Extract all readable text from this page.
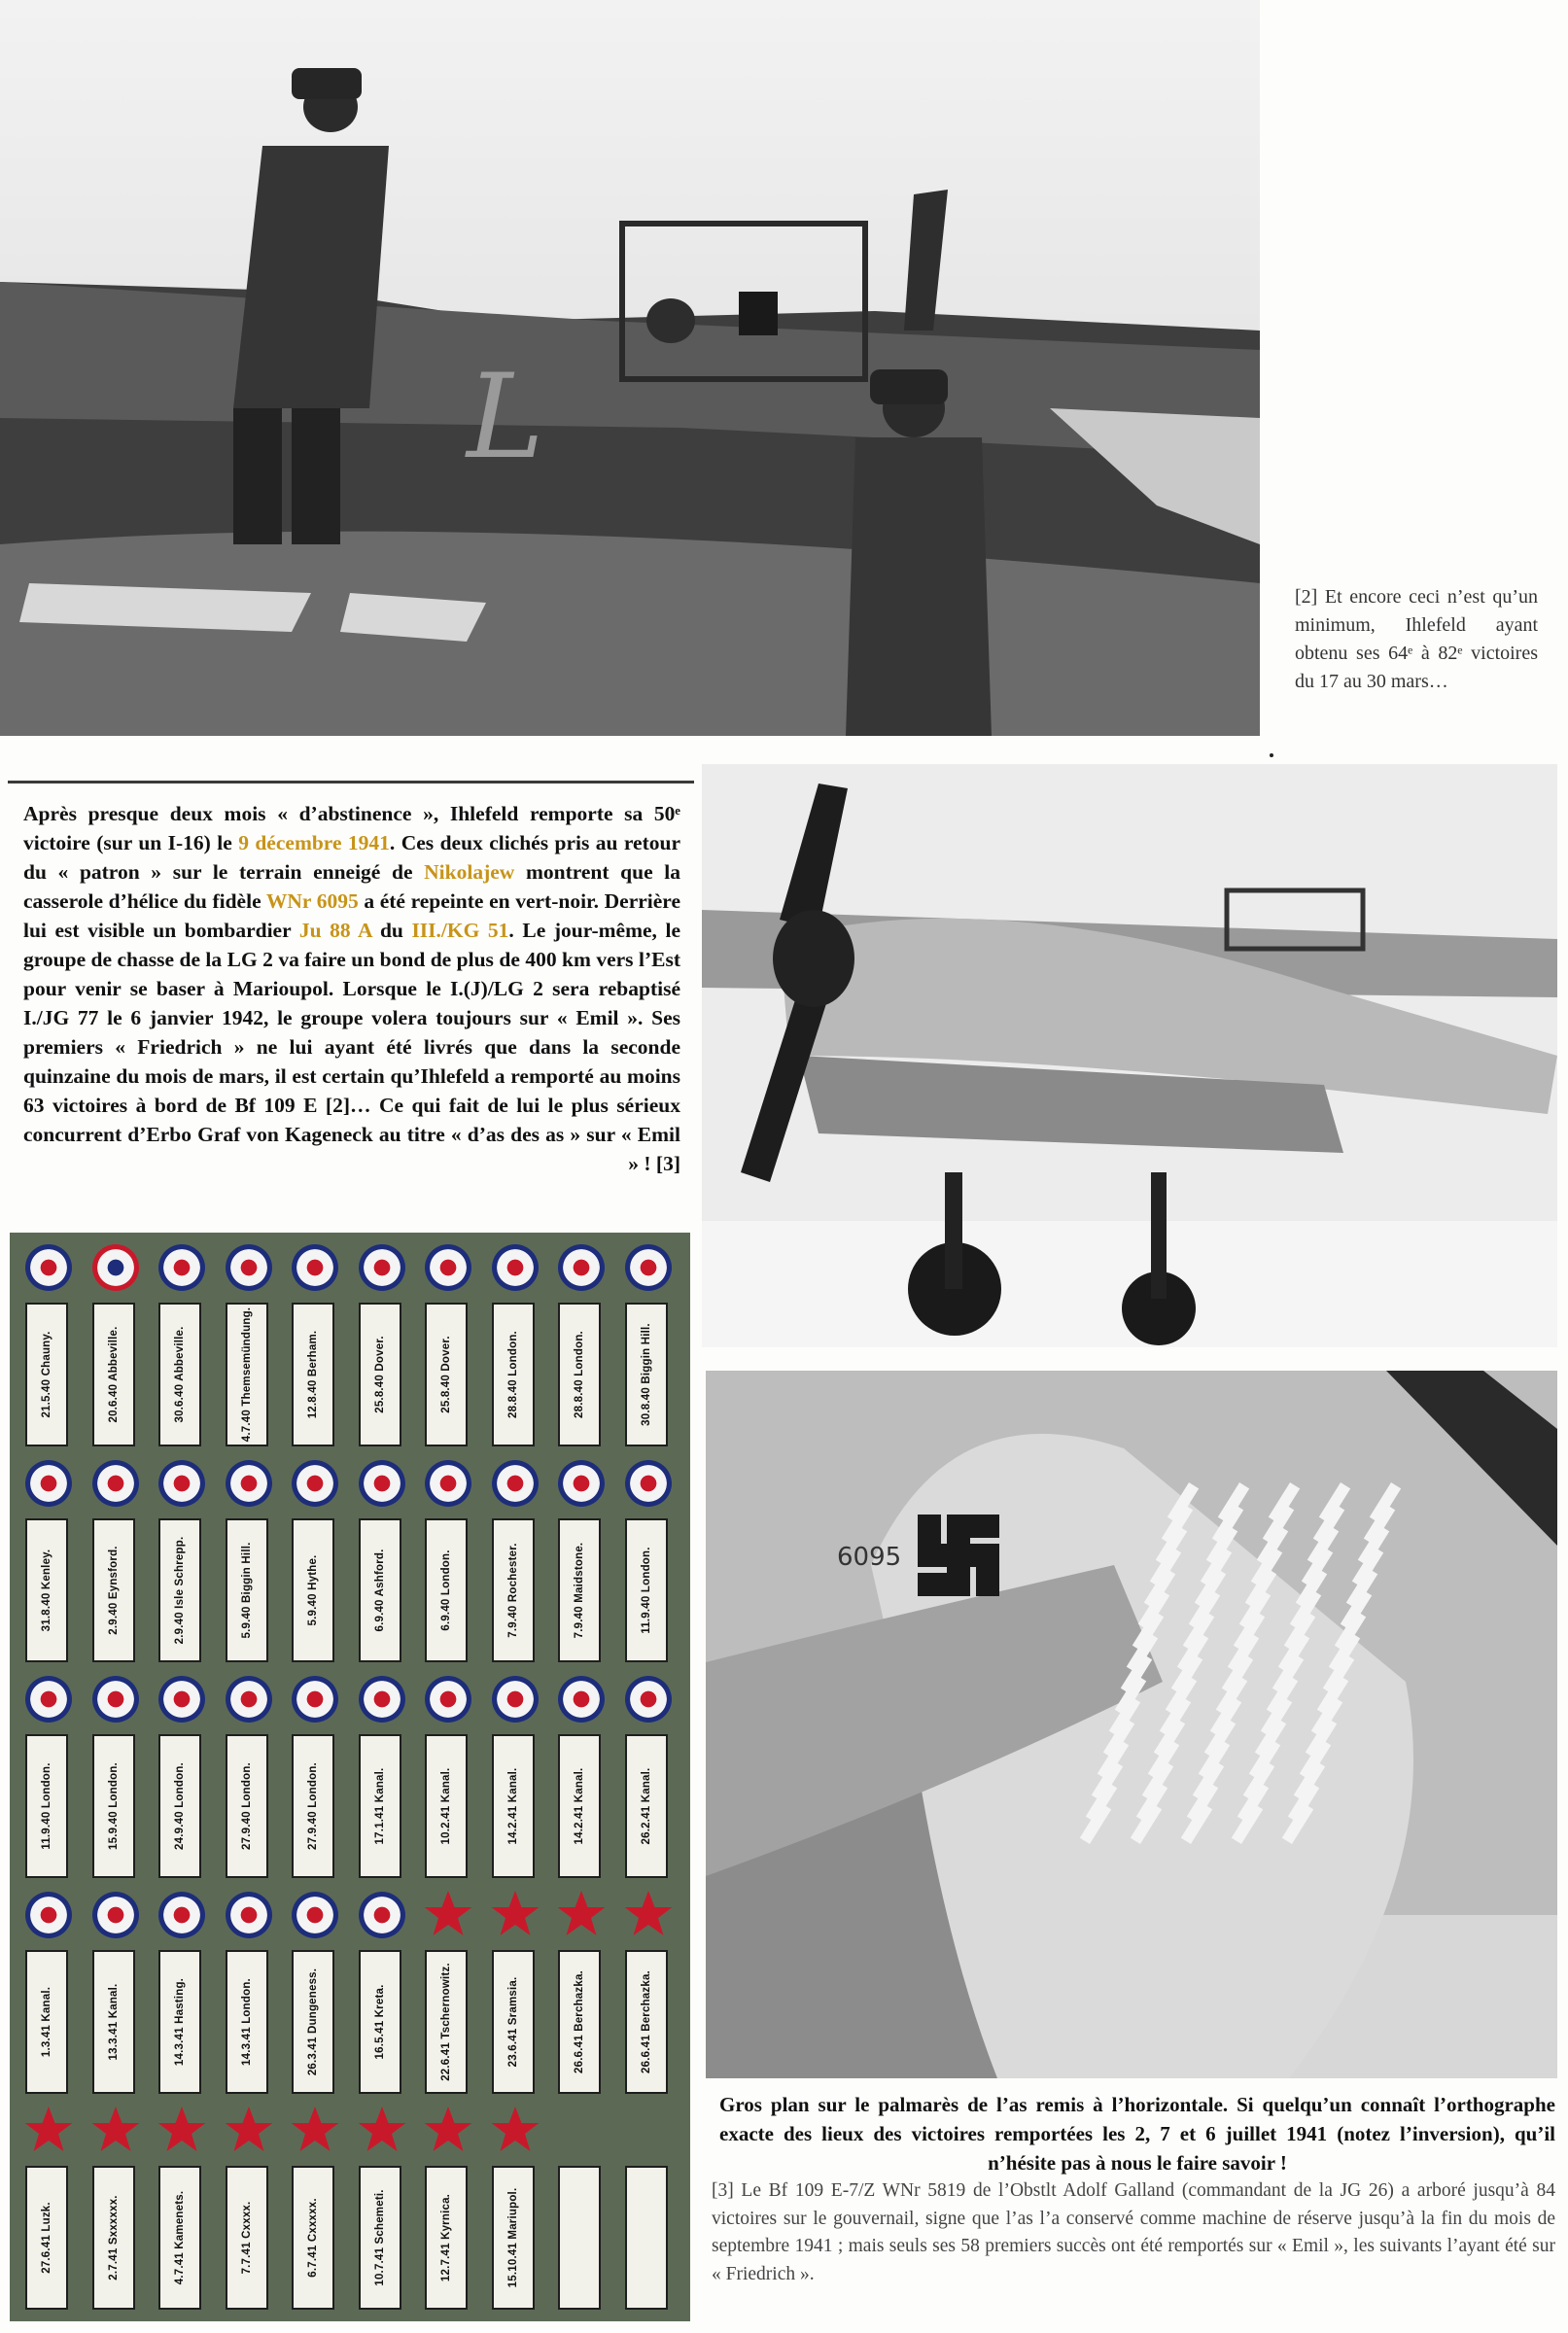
L
[2] Et encore ceci n’est qu’un minimum, Ihlefeld ayant obtenu ses 64ᵉ à 82ᵉ victoires du 17 au 30 mars…
Après presque deux mois « d’abstinence », Ihlefeld remporte sa 50ᵉ victoire (sur un I-16) le 9 décembre 1941. Ces deux clichés pris au retour du « patron » sur le terrain enneigé de Nikolajew montrent que la casserole d’hélice du fidèle WNr 6095 a été repeinte en vert-noir. Derrière lui est visible un bombardier Ju 88 A du III./KG 51. Le jour-même, le groupe de chasse de la LG 2 va faire un bond de plus de 400 km vers l’Est pour venir se baser à Marioupol. Lorsque le I.(J)/LG 2 sera rebaptisé I./JG 77 le 6 janvier 1942, le groupe volera toujours sur « Emil ». Ses premiers « Friedrich » ne lui ayant été livrés que dans la seconde quinzaine du mois de mars, il est certain qu’Ihlefeld a remporté au moins 63 victoires à bord de Bf 109 E [2]… Ce qui fait de lui le plus sérieux concurrent d’Erbo Graf von Kageneck au titre « d’as des as » sur « Emil » ! [3]
6095
21.5.40 Chauny.	20.6.40 Abbeville.	30.6.40 Abbeville.	4.7.40 Themsemündung.	12.8.40 Berham.	25.8.40 Dover.	25.8.40 Dover.	28.8.40 London.	28.8.40 London.	30.8.40 Biggin Hill.
31.8.40 Kenley.	2.9.40 Eynsford.	2.9.40 Isle Schrepp.	5.9.40 Biggin Hill.	5.9.40 Hythe.	6.9.40 Ashford.	6.9.40 London.	7.9.40 Rochester.	7.9.40 Maidstone.	11.9.40 London.
11.9.40 London.	15.9.40 London.	24.9.40 London.	27.9.40 London.	27.9.40 London.	17.1.41 Kanal.	10.2.41 Kanal.	14.2.41 Kanal.	14.2.41 Kanal.	26.2.41 Kanal.
1.3.41 Kanal.	13.3.41 Kanal.	14.3.41 Hasting.	14.3.41 London.	26.3.41 Dungeness.	16.5.41 Kreta.	22.6.41 Tschernowitz.	23.6.41 Sramsia.	26.6.41 Berchazka.	26.6.41 Berchazka.
27.6.41 Luzk.	2.7.41 Sxxxxxx.	4.7.41 Kamenets.	7.7.41 Cxxxx.	6.7.41 Cxxxxx.	10.7.41 Schemeti.	12.7.41 Kyrnica.	15.10.41 Mariupol.
Gros plan sur le palmarès de l’as remis à l’horizontale. Si quelqu’un connaît l’orthographe exacte des lieux des victoires remportées les 2, 7 et 6 juillet 1941 (notez l’inversion), qu’il n’hésite pas à nous le faire savoir !
[3] Le Bf 109 E-7/Z WNr 5819 de l’Obstlt Adolf Galland (commandant de la JG 26) a arboré jusqu’à 84 victoires sur le gouvernail, signe que l’as l’a conservé comme machine de réserve jusqu’à la fin du mois de septembre 1941 ; mais seuls ses 58 premiers succès ont été remportés sur « Emil », les suivants l’ayant été sur « Friedrich ».
